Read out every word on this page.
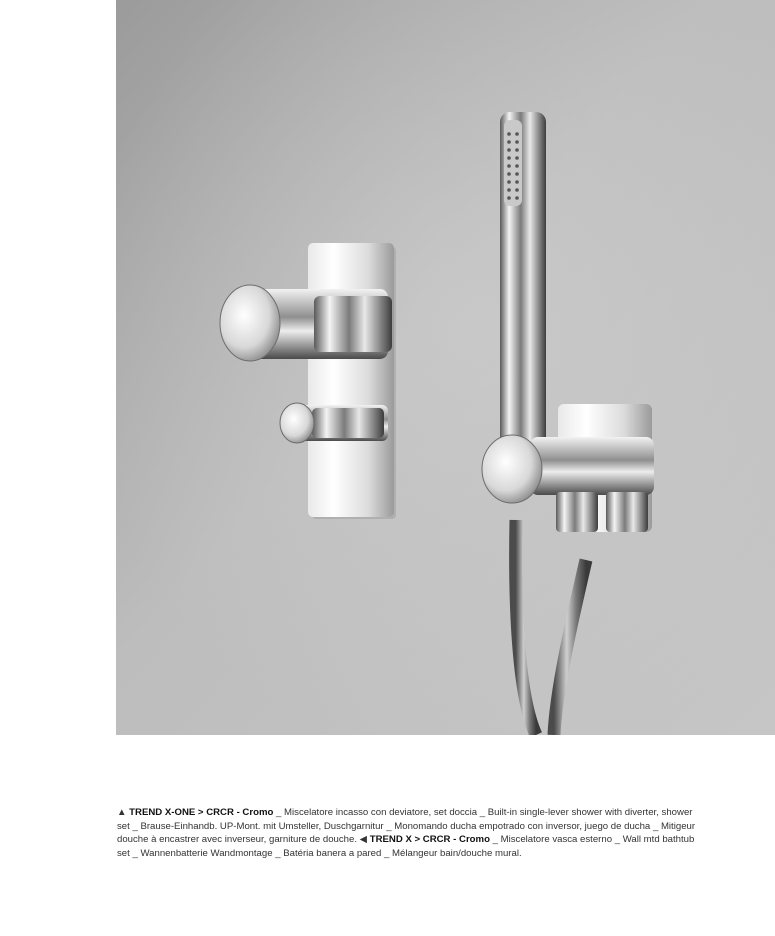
▲ TREND X-ONE > CRCR - Cromo _ Miscelatore incasso con deviatore, set doccia _ Built-in single-lever shower with diverter, shower set _ Brause-Einhandb. UP-Mont. mit Umsteller, Duschgarnitur _ Monomando ducha empotrado con inversor, juego de ducha _ Mitigeur douche à encastrer avec inverseur, garniture de douche. ◀ TREND X > CRCR - Cromo _ Miscelatore vasca esterno _ Wall mtd bathtub set _ Wannenbatterie Wandmontage _ Batéria banera a pared _ Mélangeur bain/douche mural.
